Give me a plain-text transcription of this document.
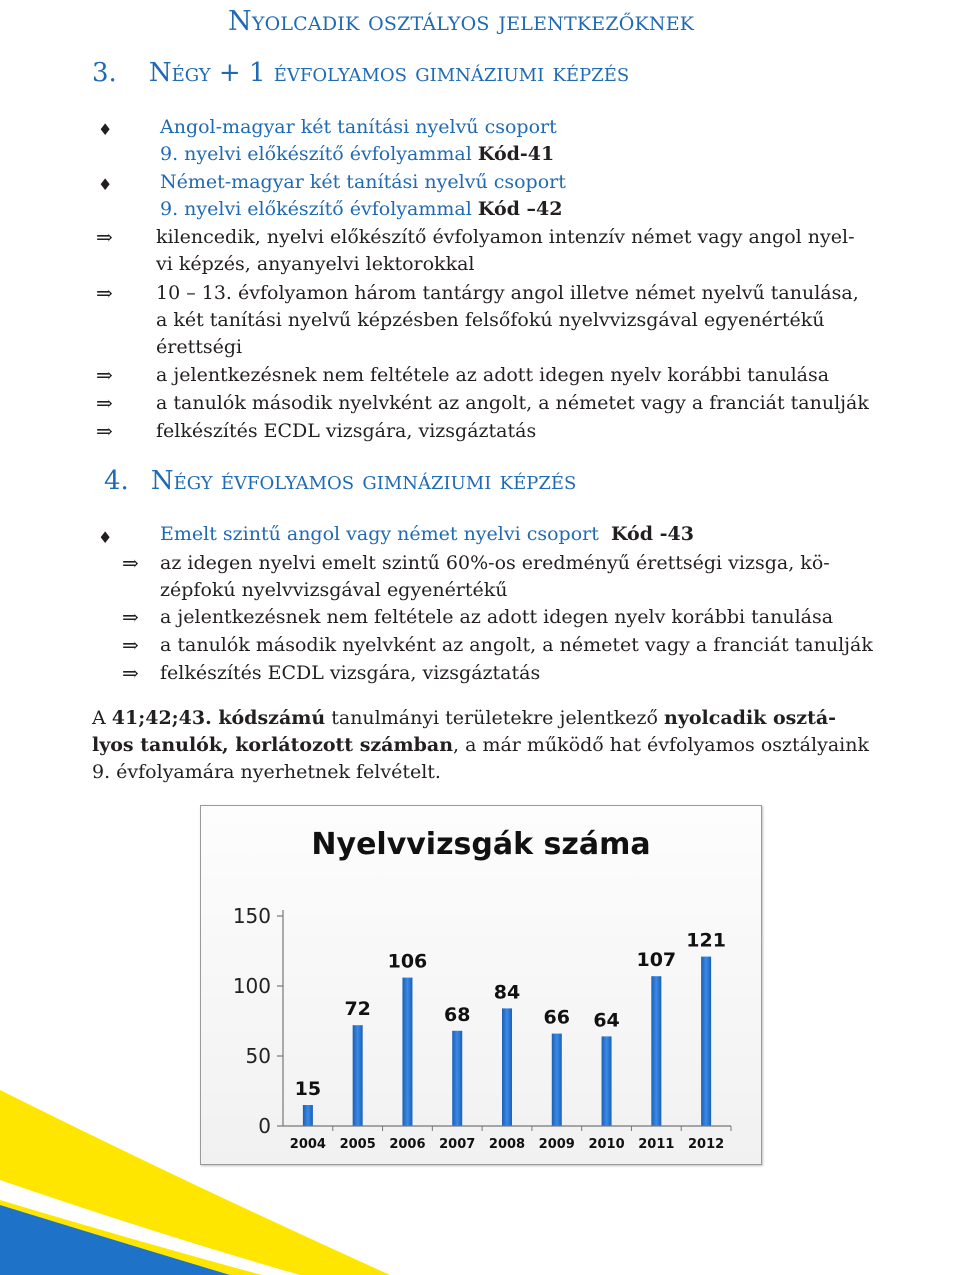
Nyolcadik osztályos jelentkezőknek
3. Négy + 1 évfolyamos gimnáziumi képzés
♦	Angol-magyar két tanítási nyelvű csoport
9. nyelvi előkészítő évfolyammal Kód-41
♦	Német-magyar két tanítási nyelvű csoport
9. nyelvi előkészítő évfolyammal Kód –42
⇒ kilencedik, nyelvi előkészítő évfolyamon intenzív német vagy angol nyel-
vi képzés, anyanyelvi lektorokkal
⇒ 10 – 13. évfolyamon három tantárgy angol illetve német nyelvű tanulása,
a két tanítási nyelvű képzésben felsőfokú nyelvvizsgával egyenértékű
érettségi
⇒ a jelentkezésnek nem feltétele az adott idegen nyelv korábbi tanulása
⇒ a tanulók második nyelvként az angolt, a németet vagy a franciát tanulják
⇒ felkészítés ECDL vizsgára, vizsgáztatás
4. Négy évfolyamos gimnáziumi képzés
♦	Emelt szintű angol vagy német nyelvi csoport Kód -43
⇒ az idegen nyelvi emelt szintű 60%-os eredményű érettségi vizsga, kö-
zépfokú nyelvvizsgával egyenértékű
⇒ a jelentkezésnek nem feltétele az adott idegen nyelv korábbi tanulása
⇒ a tanulók második nyelvként az angolt, a németet vagy a franciát tanulják
⇒ felkészítés ECDL vizsgára, vizsgáztatás
A 41;42;43. kódszámú tanulmányi területekre jelentkező nyolcadik osztá-
lyos tanulók, korlátozott számban, a már működő hat évfolyamos osztályaink
9. évfolyamára nyerhetnek felvételt.
Nyelvvizsgák száma
0
50
100
150
15
72
106
68
84
66 64
107
121
2004 2005 2006 2007 2008 2009 2010 2011 2012
